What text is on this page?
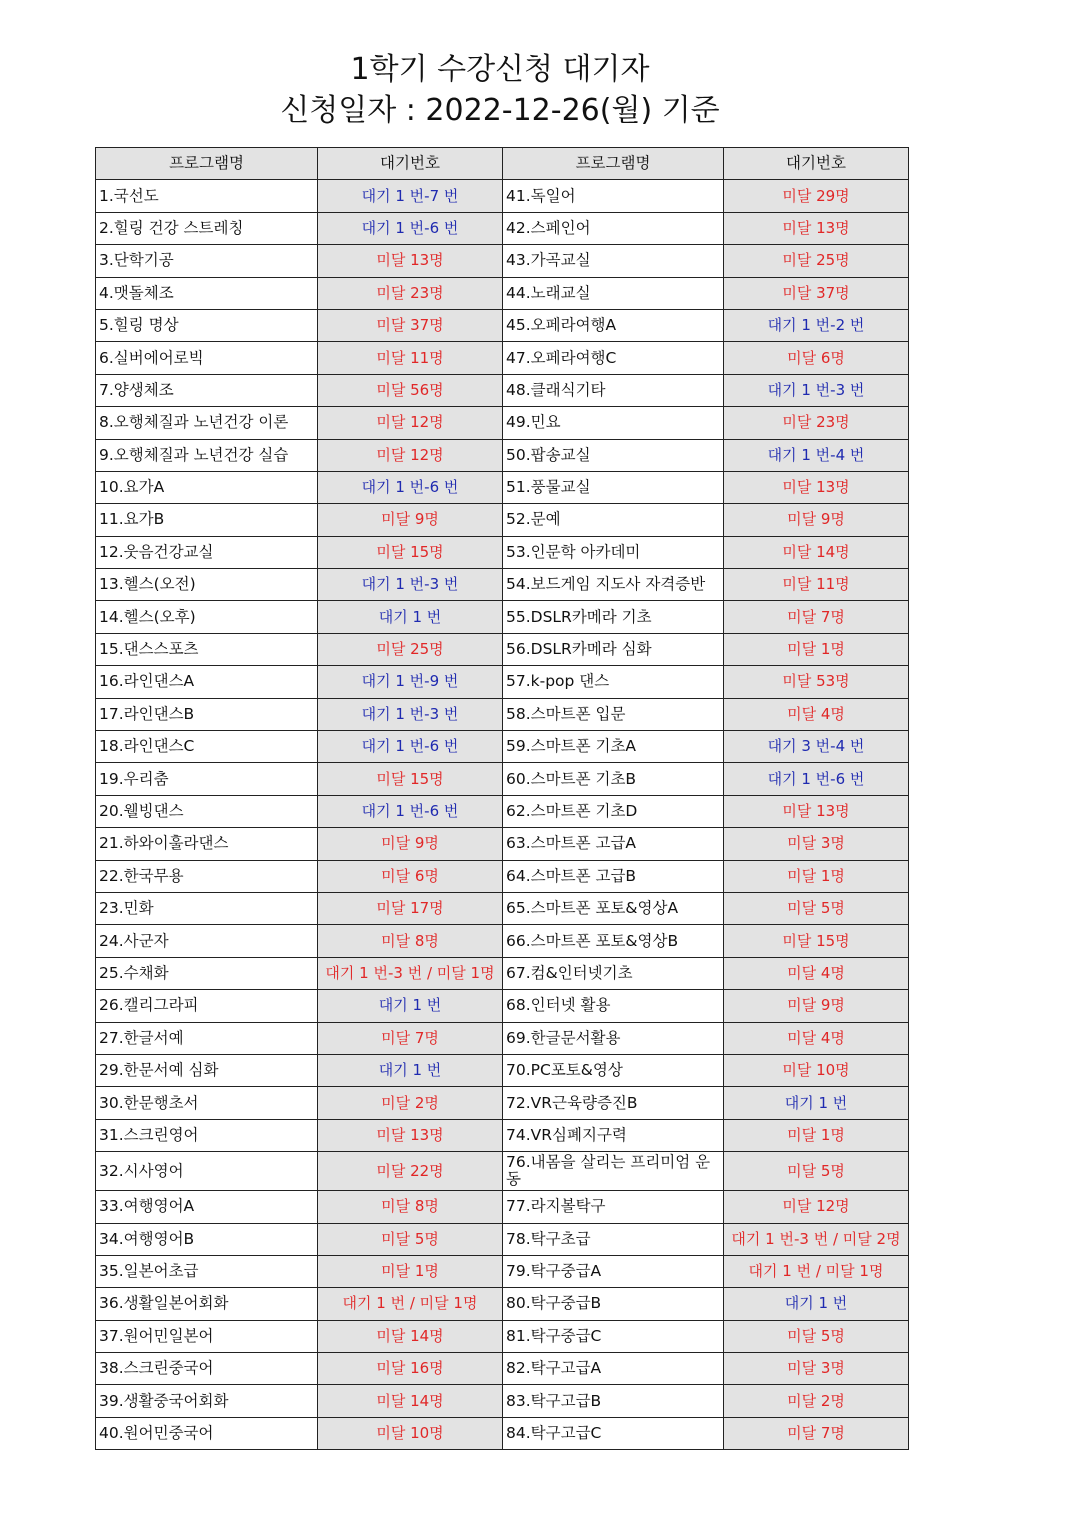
1학기 수강신청 대기자
신청일자 : 2022-12-26(월) 기준
프로그램명	대기번호	프로그램명	대기번호
1.국선도	대기 1 번-7 번	41.독일어	미달 29명
2.힐링 건강 스트레칭	대기 1 번-6 번	42.스페인어	미달 13명
3.단학기공	미달 13명	43.가곡교실	미달 25명
4.맷돌체조	미달 23명	44.노래교실	미달 37명
5.힐링 명상	미달 37명	45.오페라여행A	대기 1 번-2 번
6.실버에어로빅	미달 11명	47.오페라여행C	미달 6명
7.양생체조	미달 56명	48.클래식기타	대기 1 번-3 번
8.오행체질과 노년건강 이론	미달 12명	49.민요	미달 23명
9.오행체질과 노년건강 실습	미달 12명	50.팝송교실	대기 1 번-4 번
10.요가A	대기 1 번-6 번	51.풍물교실	미달 13명
11.요가B	미달 9명	52.문예	미달 9명
12.웃음건강교실	미달 15명	53.인문학 아카데미	미달 14명
13.헬스(오전)	대기 1 번-3 번	54.보드게임 지도사 자격증반	미달 11명
14.헬스(오후)	대기 1 번	55.DSLR카메라 기초	미달 7명
15.댄스스포츠	미달 25명	56.DSLR카메라 심화	미달 1명
16.라인댄스A	대기 1 번-9 번	57.k-pop 댄스	미달 53명
17.라인댄스B	대기 1 번-3 번	58.스마트폰 입문	미달 4명
18.라인댄스C	대기 1 번-6 번	59.스마트폰 기초A	대기 3 번-4 번
19.우리춤	미달 15명	60.스마트폰 기초B	대기 1 번-6 번
20.웰빙댄스	대기 1 번-6 번	62.스마트폰 기초D	미달 13명
21.하와이훌라댄스	미달 9명	63.스마트폰 고급A	미달 3명
22.한국무용	미달 6명	64.스마트폰 고급B	미달 1명
23.민화	미달 17명	65.스마트폰 포토&영상A	미달 5명
24.사군자	미달 8명	66.스마트폰 포토&영상B	미달 15명
25.수채화	대기 1 번-3 번 / 미달 1명	67.컴&인터넷기초	미달 4명
26.캘리그라피	대기 1 번	68.인터넷 활용	미달 9명
27.한글서예	미달 7명	69.한글문서활용	미달 4명
29.한문서예 심화	대기 1 번	70.PC포토&영상	미달 10명
30.한문행초서	미달 2명	72.VR근육량증진B	대기 1 번
31.스크린영어	미달 13명	74.VR심폐지구력	미달 1명
32.시사영어	미달 22명	76.내몸을 살리는 프리미엄 운동	미달 5명
33.여행영어A	미달 8명	77.라지볼탁구	미달 12명
34.여행영어B	미달 5명	78.탁구초급	대기 1 번-3 번 / 미달 2명
35.일본어초급	미달 1명	79.탁구중급A	대기 1 번 / 미달 1명
36.생활일본어회화	대기 1 번 / 미달 1명	80.탁구중급B	대기 1 번
37.원어민일본어	미달 14명	81.탁구중급C	미달 5명
38.스크린중국어	미달 16명	82.탁구고급A	미달 3명
39.생활중국어회화	미달 14명	83.탁구고급B	미달 2명
40.원어민중국어	미달 10명	84.탁구고급C	미달 7명
